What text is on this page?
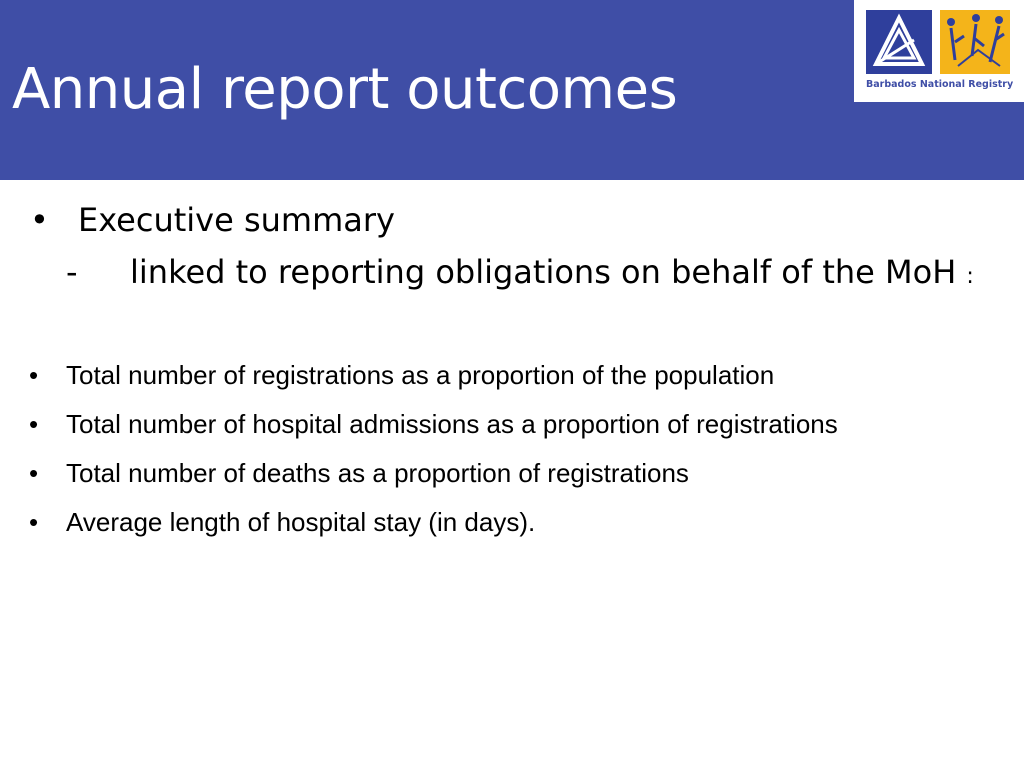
Annual report outcomes	Barbados National Registry
• Executive summary
- linked to reporting obligations on behalf of the MoH :
• Total number of registrations as a proportion of the population
• Total number of hospital admissions as a proportion of registrations
• Total number of deaths as a proportion of registrations
• Average length of hospital stay (in days).
